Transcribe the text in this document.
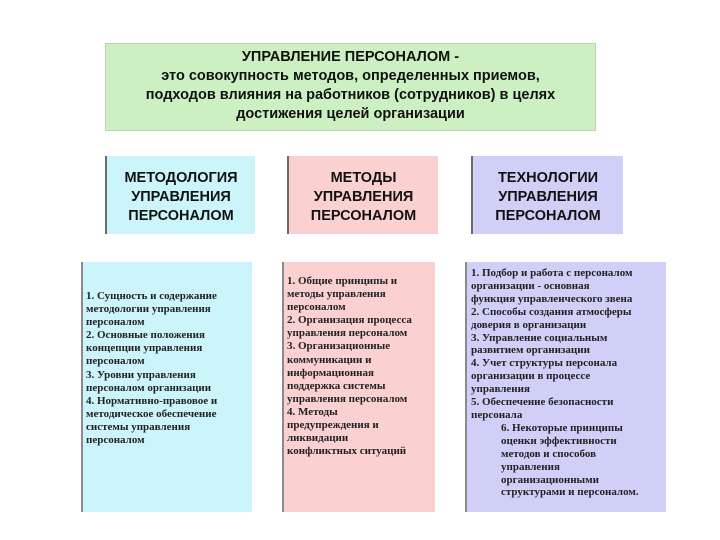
УПРАВЛЕНИЕ ПЕРСОНАЛОМ -
это совокупность методов, определенных приемов,
подходов влияния на работников (сотрудников) в целях
достижения целей организации
МЕТОДОЛОГИЯ
УПРАВЛЕНИЯ
ПЕРСОНАЛОМ
МЕТОДЫ
УПРАВЛЕНИЯ
ПЕРСОНАЛОМ
ТЕХНОЛОГИИ
УПРАВЛЕНИЯ
ПЕРСОНАЛОМ
1. Сущность и содержание
методологии управления
персоналом
2. Основные положения
концепции управления
персоналом
3. Уровни управления
персоналом организации
4. Нормативно-правовое и
методическое обеспечение
системы управления
персоналом
1. Общие принципы и
методы управления
персоналом
2. Организация процесса
управления персоналом
3. Организационные
коммуникации и
информационная
поддержка системы
управления персоналом
4. Методы
предупреждения и
ликвидации
конфликтных ситуаций
1. Подбор и работа с персоналом
организации - основная
функция управленческого звена
2. Способы создания атмосферы
доверия в организации
3. Управление социальным
развитием организации
4. Учет структуры персонала
организации в процессе
управления
5. Обеспечение безопасности
персонала
6. Некоторые принципы
оценки эффективности
методов и способов
управления
организационными
структурами и персоналом.
